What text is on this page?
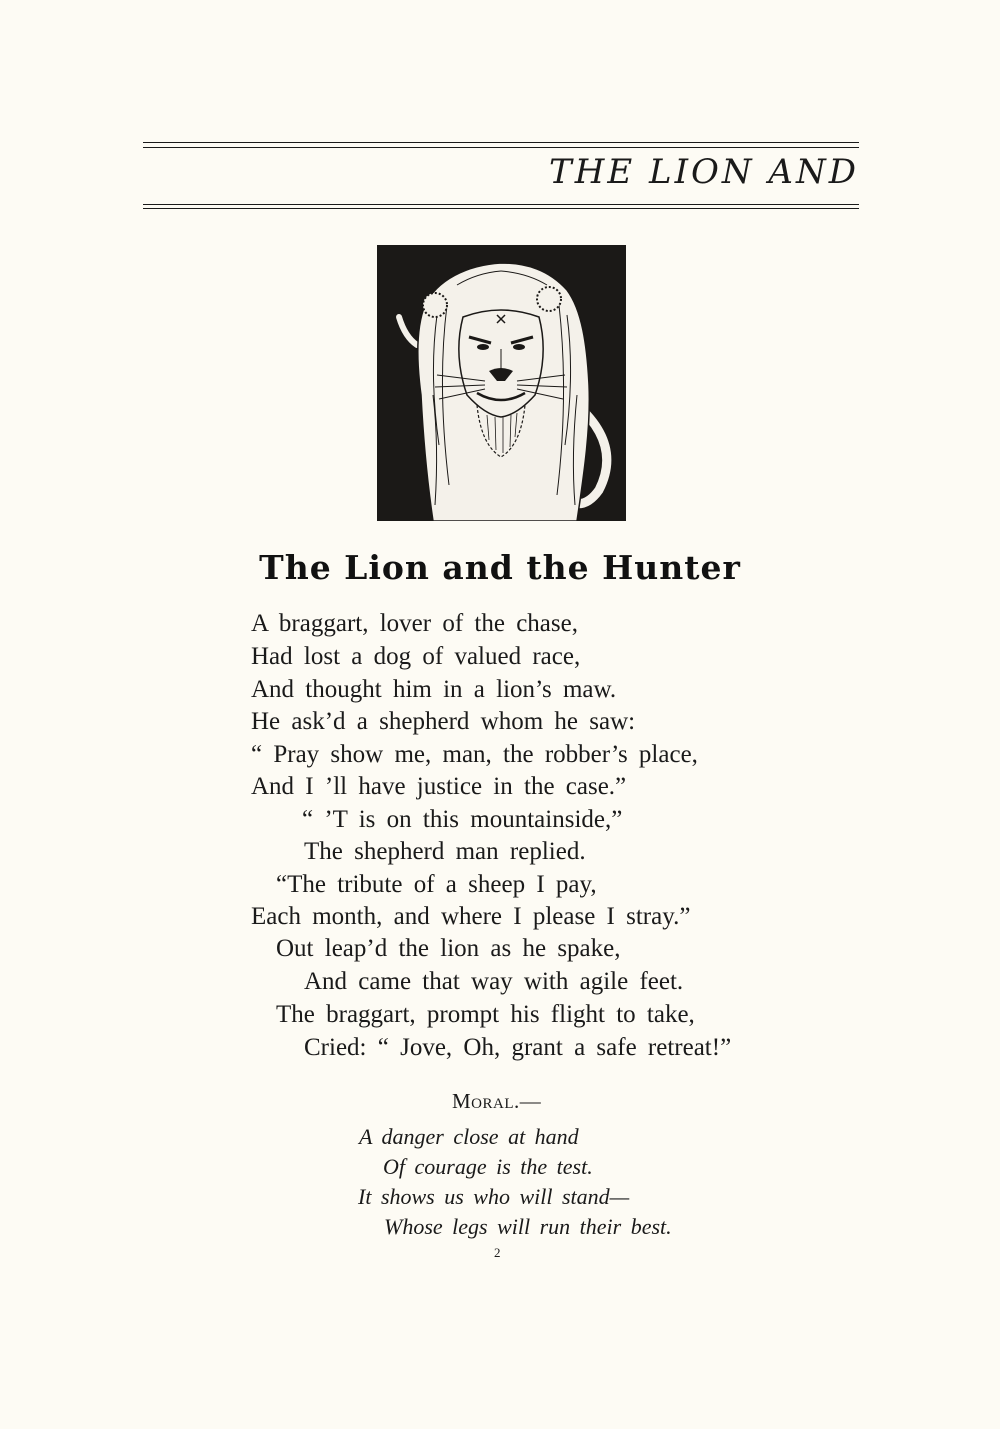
THE LION AND
The Lion and the Hunter
A braggart, lover of the chase,
Had lost a dog of valued race,
And thought him in a lion’s maw.
He ask’d a shepherd whom he saw:
“ Pray show me, man, the robber’s place,
And I ’ll have justice in the case.”
“ ’T is on this mountainside,”
The shepherd man replied.
“The tribute of a sheep I pay,
Each month, and where I please I stray.”
Out leap’d the lion as he spake,
And came that way with agile feet.
The braggart, prompt his flight to take,
Cried: “ Jove, Oh, grant a safe retreat!”
Moral.—
A danger close at hand
Of courage is the test.
It shows us who will stand—
Whose legs will run their best.
2
